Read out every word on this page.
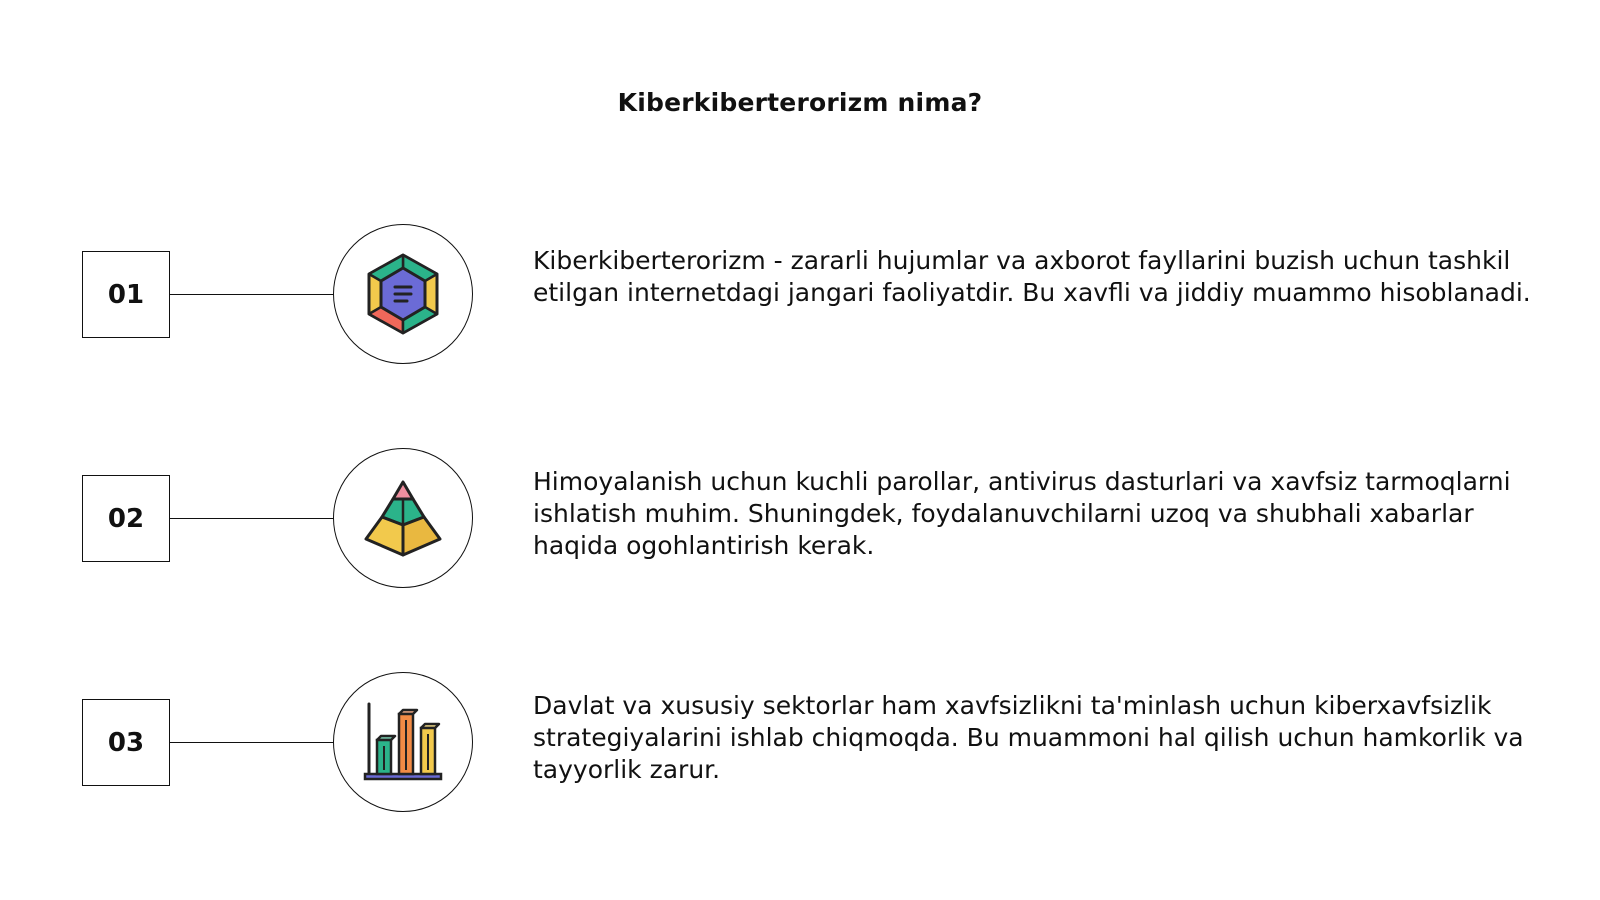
Kiberkiberterorizm nima?
01
Kiberkiberterorizm - zararli hujumlar va axborot fayllarini buzish uchun tashkil etilgan internetdagi jangari faoliyatdir. Bu xavfli va jiddiy muammo hisoblanadi.
02
Himoyalanish uchun kuchli parollar, antivirus dasturlari va xavfsiz tarmoqlarni ishlatish muhim. Shuningdek, foydalanuvchilarni uzoq va shubhali xabarlar haqida ogohlantirish kerak.
03
Davlat va xususiy sektorlar ham xavfsizlikni ta'minlash uchun kiberxavfsizlik strategiyalarini ishlab chiqmoqda. Bu muammoni hal qilish uchun hamkorlik va tayyorlik zarur.
